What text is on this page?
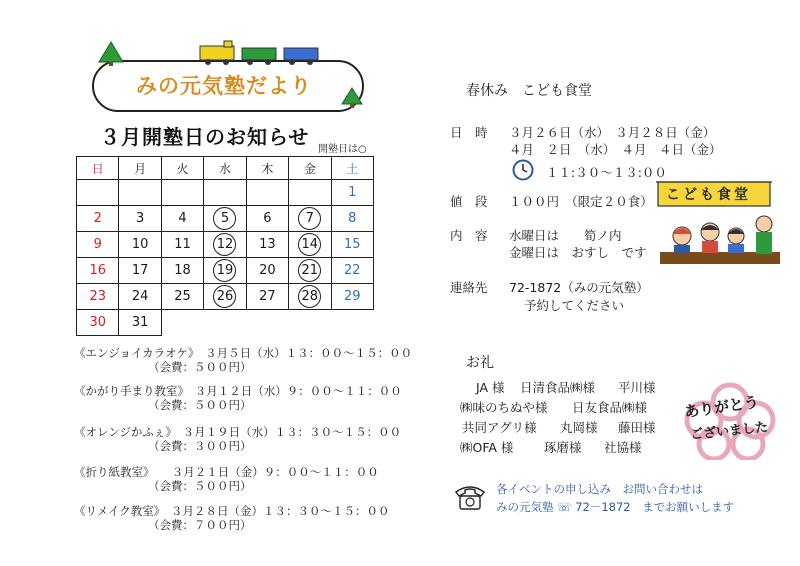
みの元気塾だより
３月開塾日のお知らせ
開塾日は○
日	月	火	水	木	金	土
						1
2	3	4	5	6	7	8
9	10	11	12	13	14	15
16	17	18	19	20	21	22
23	24	25	26	27	28	29
30	31					
《エンジョイカラオケ》　３月５日（水）１３：００〜１５：００
（会費：５００円）
《かがり手まり教室》　３月１２日（水）９：００〜１１：００
（会費：５００円）
《オレンジかふぇ》　３月１９日（水）１３：３０〜１５：００
（会費：３００円）
《折り紙教室》　　３月２１日（金）９：００〜１１：００
（会費：５００円）
《リメイク教室》　３月２８日（金）１３：３０〜１５：００
（会費：７００円）
春休み　こども食堂
日　時 ３月２６日（水）　３月２８日（金）
４月　２日　（水）　４月　４日（金）
１１:３０〜１３:００
値　段 １００円　（限定２０食）
内　容 水曜日は　　筍ノ内
金曜日は　おすし　です
連絡先 72-1872（みの元気塾）
予約してください
こども食堂
お礼
JA 様 日清食品㈱様 平川様
㈱味のちぬや様 日友食品㈱様
共同アグリ様 丸岡様 藤田様
㈱OFA 様 琢磨様 社協様
ありがとう
ございました
各イベントの申し込み　お問い合わせは
みの元気塾 ☏ 72－1872　までお願いします
